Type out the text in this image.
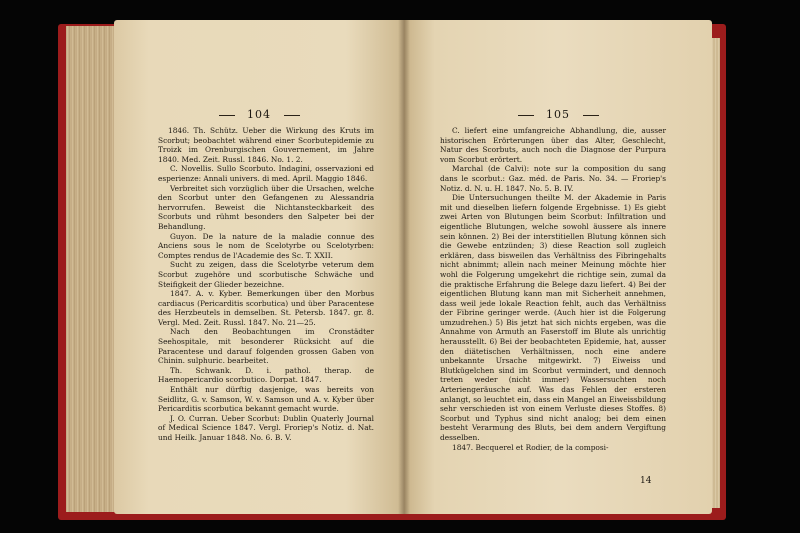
104

1846. Th. Schütz. Ueber die Wirkung des Kruts im Scorbut; beobachtet während einer Scorbutepidemie zu Troizk im Orenburgischen Gouvernement, im Jahre 1840. Med. Zeit. Russl. 1846. No. 1. 2.

C. Novellis. Sullo Scorbuto. Indagini, osservazioni ed esperienze: Annali univers. di med. April. Maggio 1846.

Verbreitet sich vorzüglich über die Ursachen, welche den Scorbut unter den Gefangenen zu Alessandria hervorrufen. Beweist die Nichtansteckbarkeit des Scorbuts und rühmt besonders den Salpeter bei der Behandlung.

Guyon. De la nature de la maladie connue des Anciens sous le nom de Scelotyrbe ou Scelotyrben: Comptes rendus de l'Academie des Sc. T. XXII.

Sucht zu zeigen, dass die Scelotyrbe veterum dem Scorbut zugehöre und scorbutische Schwäche und Steifigkeit der Glieder bezeichne.

1847. A. v. Kyber. Bemerkungen über den Morbus cardiacus (Pericarditis scorbutica) und über Paracentese des Herzbeutels in demselben. St. Petersb. 1847. gr. 8. Vergl. Med. Zeit. Russl. 1847. No. 21—25.

Nach den Beobachtungen im Cronstädter Seehospitale, mit besonderer Rücksicht auf die Paracentese und darauf folgenden grossen Gaben von Chinin. sulphuric. bearbeitet.

Th. Schwank. D. i. pathol. therap. de Haemopericardio scorbutico. Dorpat. 1847.

Enthält nur dürftig dasjenige, was bereits von Seidlitz, G. v. Samson, W. v. Samson und A. v. Kyber über Pericarditis scorbutica bekannt gemacht wurde.

J. O. Curran. Ueber Scorbut: Dublin Quaterly Journal of Medical Science 1847. Vergl. Froriep's Notiz. d. Nat. und Heilk. Januar 1848. No. 6. B. V.

105

C. liefert eine umfangreiche Abhandlung, die, ausser historischen Erörterungen über das Alter, Geschlecht, Natur des Scorbuts, auch noch die Diagnose der Purpura vom Scorbut erörtert.

Marchal (de Calvi): note sur la composition du sang dans le scorbut.: Gaz. méd. de Paris. No. 34. — Froriep's Notiz. d. N. u. H. 1847. No. 5. B. IV.

Die Untersuchungen theilte M. der Akademie in Paris mit und dieselben liefern folgende Ergebnisse. 1) Es giebt zwei Arten von Blutungen beim Scorbut: Infiltration und eigentliche Blutungen, welche sowohl äussere als innere sein können. 2) Bei der interstitiellen Blutung können sich die Gewebe entzünden; 3) diese Reaction soll zugleich erklären, dass bisweilen das Verhältniss des Fibringehalts nicht abnimmt; allein nach meiner Meinung möchte hier wohl die Folgerung umgekehrt die richtige sein, zumal da die praktische Erfahrung die Belege dazu liefert. 4) Bei der eigentlichen Blutung kann man mit Sicherheit annehmen, dass weil jede lokale Reaction fehlt, auch das Verhältniss der Fibrine geringer werde. (Auch hier ist die Folgerung umzudrehen.) 5) Bis jetzt hat sich nichts ergeben, was die Annahme von Armuth an Faserstoff im Blute als unrichtig herausstellt. 6) Bei der beobachteten Epidemie, hat, ausser den diätetischen Verhältnissen, noch eine andere unbekannte Ursache mitgewirkt. 7) Eiweiss und Blutkügelchen sind im Scorbut vermindert, und dennoch treten weder (nicht immer) Wassersuchten noch Arteriengeräusche auf. Was das Fehlen der ersteren anlangt, so leuchtet ein, dass ein Mangel an Eiweissbildung sehr verschieden ist von einem Verluste dieses Stoffes. 8) Scorbut und Typhus sind nicht analog; bei dem einen besteht Verarmung des Bluts, bei dem andern Vergiftung desselben.

1847. Becquerel et Rodier, de la composi-

14
